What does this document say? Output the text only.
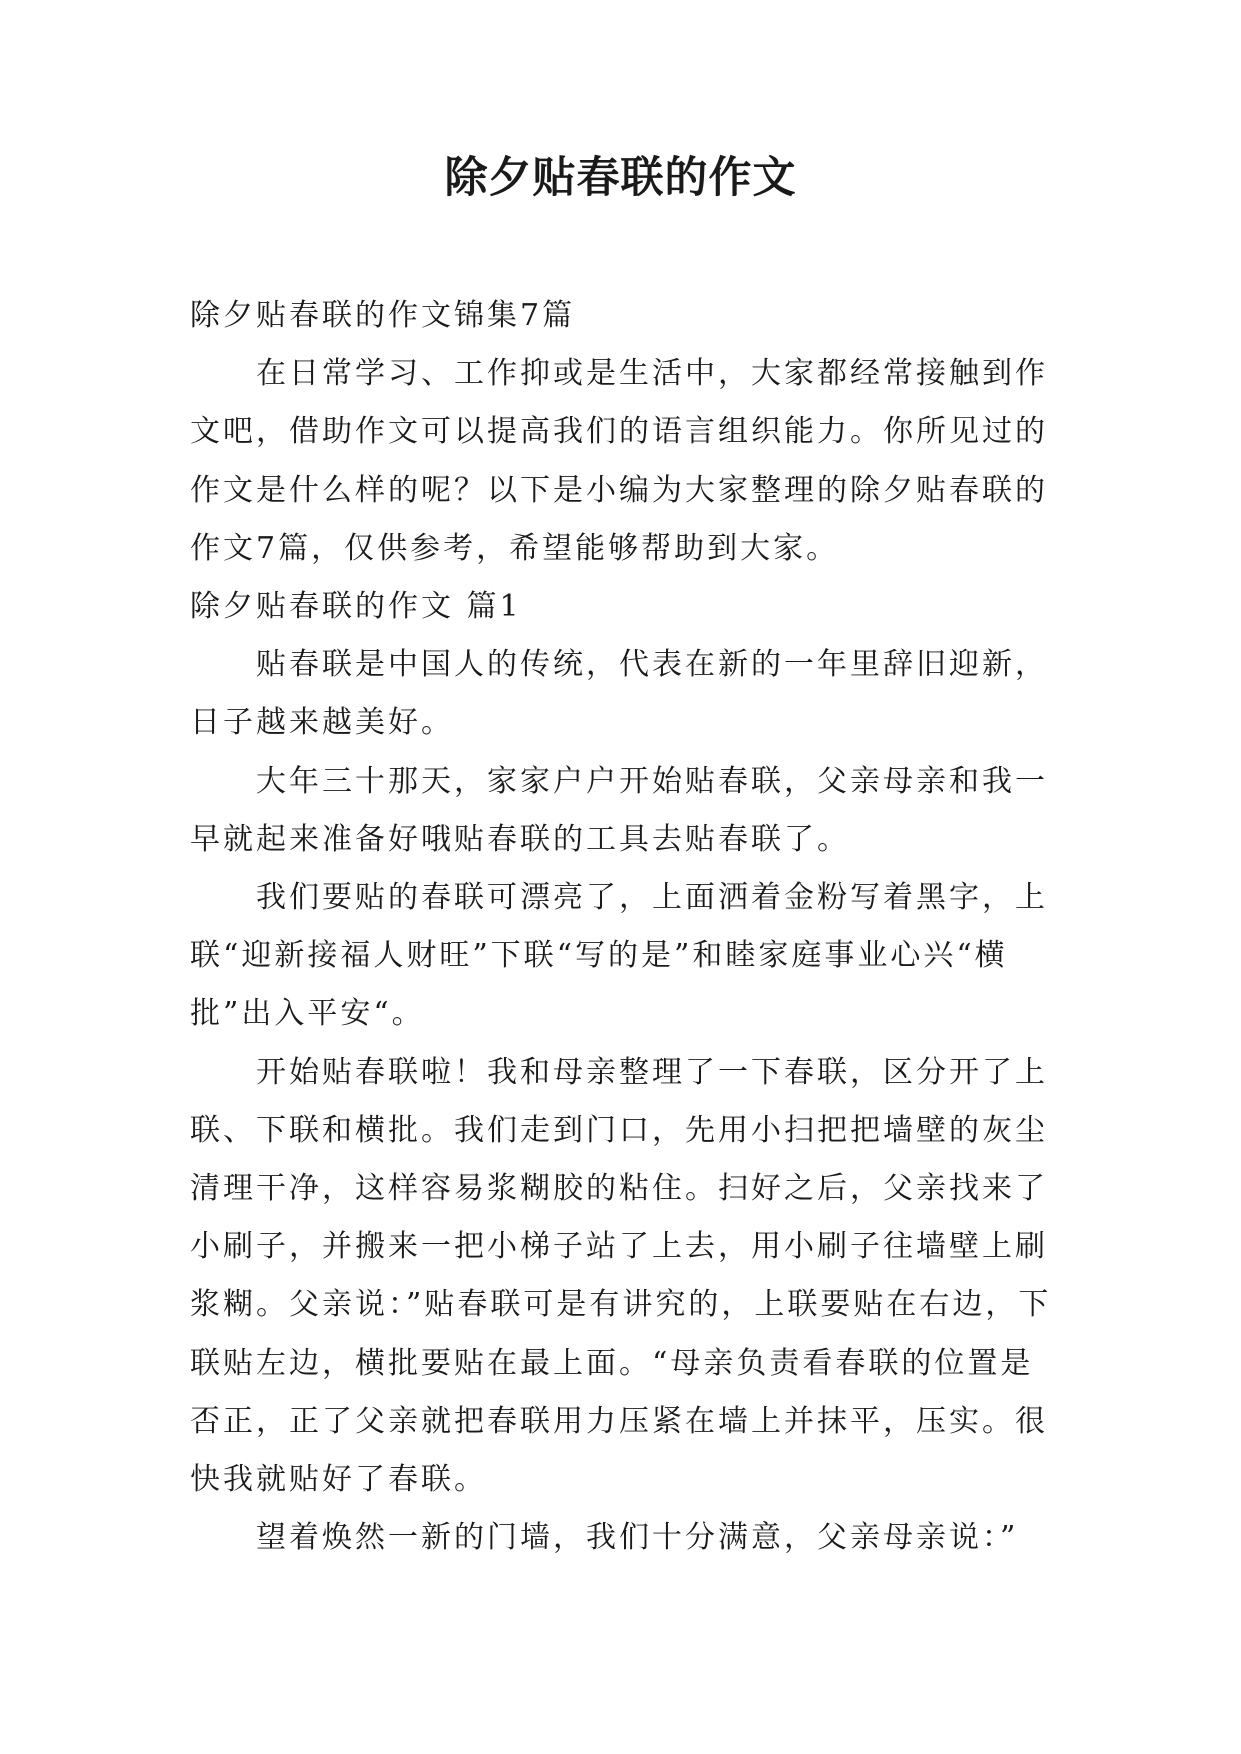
除夕贴春联的作文

除夕贴春联的作文锦集7篇

在日常学习、工作抑或是生活中，大家都经常接触到作文吧，借助作文可以提高我们的语言组织能力。你所见过的作文是什么样的呢？以下是小编为大家整理的除夕贴春联的作文7篇，仅供参考，希望能够帮助到大家。

除夕贴春联的作文 篇1

贴春联是中国人的传统，代表在新的一年里辞旧迎新，日子越来越美好。

大年三十那天，家家户户开始贴春联，父亲母亲和我一早就起来准备好哦贴春联的工具去贴春联了。

我们要贴的春联可漂亮了，上面洒着金粉写着黑字，上联“迎新接福人财旺”下联“写的是”和睦家庭事业心兴“横批”出入平安“。

开始贴春联啦！我和母亲整理了一下春联，区分开了上联、下联和横批。我们走到门口，先用小扫把把墙壁的灰尘清理干净，这样容易浆糊胶的粘住。扫好之后，父亲找来了小刷子，并搬来一把小梯子站了上去，用小刷子往墙壁上刷浆糊。父亲说：”贴春联可是有讲究的，上联要贴在右边，下联贴左边，横批要贴在最上面。“母亲负责看春联的位置是否正，正了父亲就把春联用力压紧在墙上并抹平，压实。很快我就贴好了春联。

望着焕然一新的门墙，我们十分满意，父亲母亲说：”
